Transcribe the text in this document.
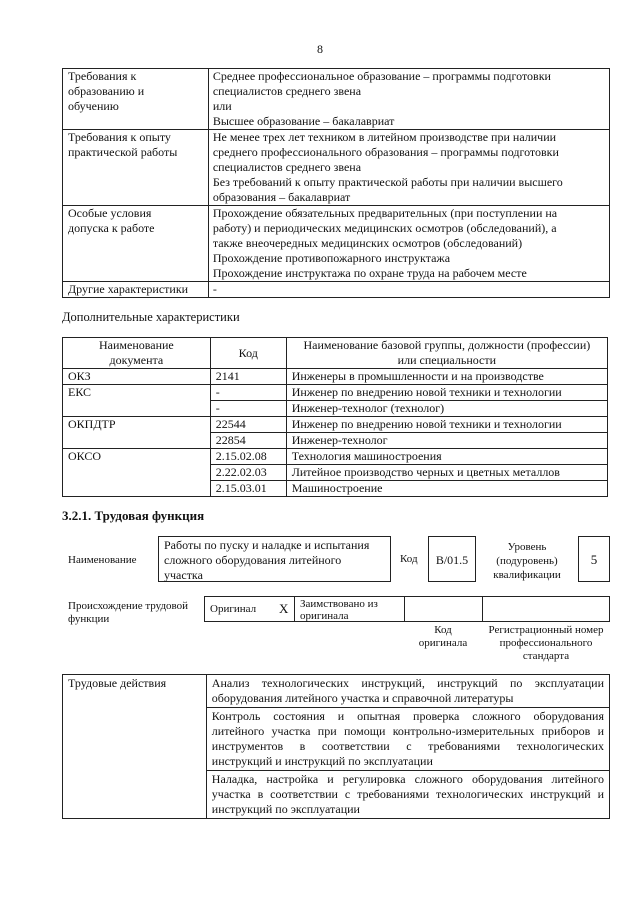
8
Требования к
образованию и
обучению	Среднее профессиональное образование – программы подготовки
специалистов среднего звена
или
Высшее образование – бакалавриат

Требования к опыту
практической работы	Не менее трех лет техником в литейном производстве при наличии
среднего профессионального образования – программы подготовки
специалистов среднего звена
Без требований к опыту практической работы при наличии высшего
образования – бакалавриат

Особые условия
допуска к работе	Прохождение обязательных предварительных (при поступлении на
работу) и периодических медицинских осмотров (обследований), а
также внеочередных медицинских осмотров (обследований)
Прохождение противопожарного инструктажа
Прохождение инструктажа по охране труда на рабочем месте

Другие характеристики	-
Дополнительные характеристики
Наименование
документа	Код	Наименование базовой группы, должности (профессии)
или специальности

ОКЗ	2141	Инженеры в промышленности и на производстве
ЕКС	-	Инженер по внедрению новой техники и технологии
	-	Инженер-технолог (технолог)
ОКПДТР	22544	Инженер по внедрению новой техники и технологии
	22854	Инженер-технолог
ОКСО	2.15.02.08	Технология машиностроения
	2.22.02.03	Литейное производство черных и цветных металлов
	2.15.03.01	Машиностроение
3.2.1. Трудовая функция
Наименование
Работы по пуску и наладке и испытания
сложного оборудования литейного
участка
Код	B/01.5
Уровень
(подуровень)
квалификации
5
Происхождение трудовой
функции
Оригинал X Заимствовано из
оригинала
Код
оригинала
Регистрационный номер
профессионального
стандарта
Трудовые действия	Анализ технологических инструкций, инструкций по эксплуатации
оборудования литейного участка и справочной литературы

Контроль состояния и опытная проверка сложного оборудования
литейного участка при помощи контрольно-измерительных приборов и
инструментов в соответствии с требованиями технологических
инструкций и инструкций по эксплуатации

Наладка, настройка и регулировка сложного оборудования литейного
участка в соответствии с требованиями технологических инструкций и
инструкций по эксплуатации
